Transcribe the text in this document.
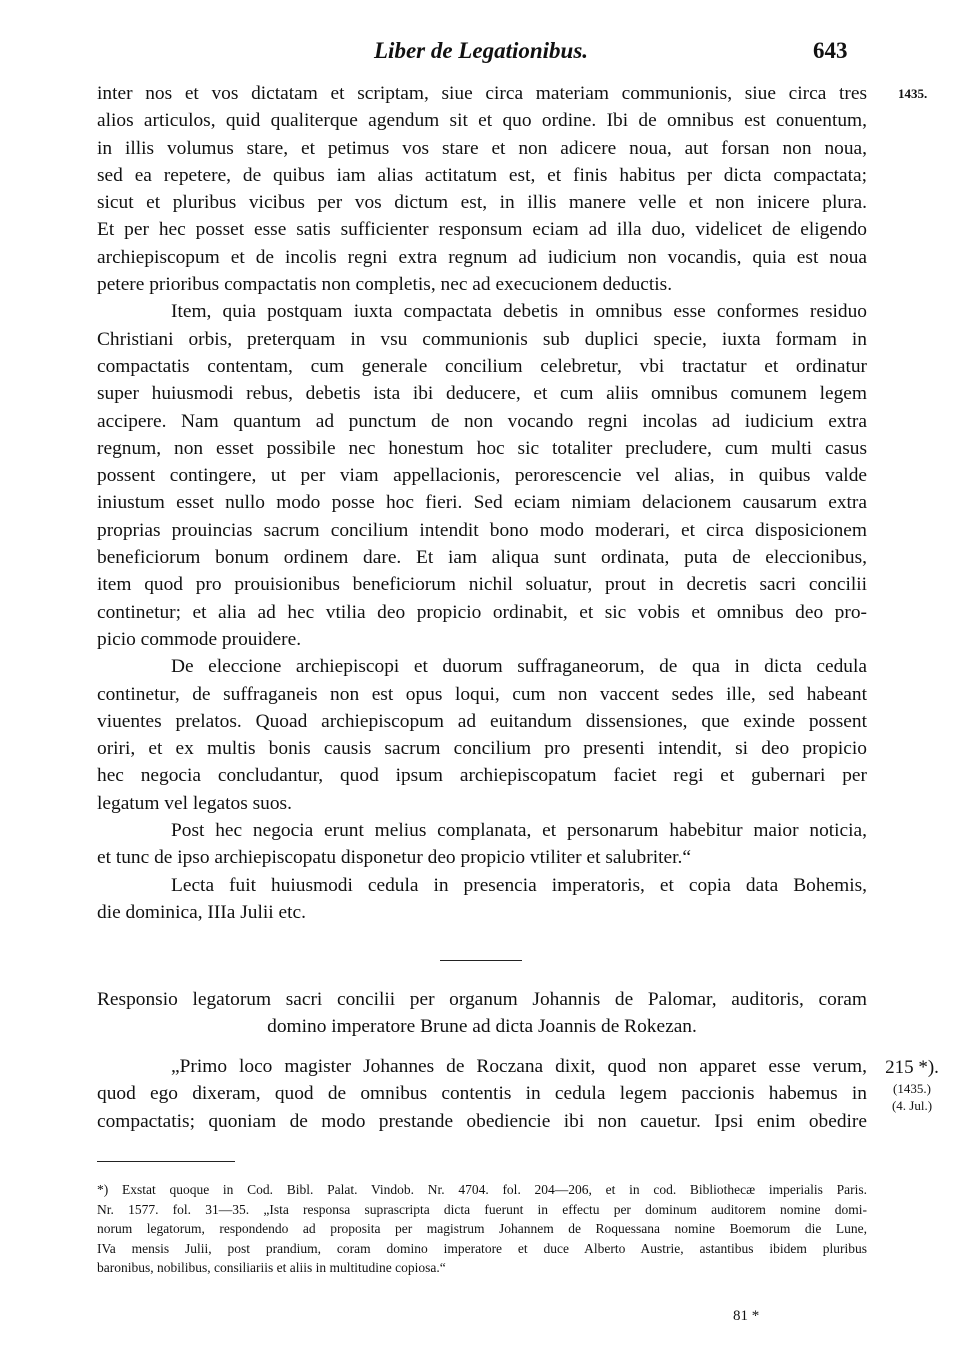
Liber de Legationibus.	643
1435.
inter nos et vos dictatam et scriptam, siue circa materiam communionis, siue circa tres
alios articulos, quid qualiterque agendum sit et quo ordine. Ibi de omnibus est conuentum,
in illis volumus stare, et petimus vos stare et non adicere noua, aut forsan non noua,
sed ea repetere, de quibus iam alias actitatum est, et finis habitus per dicta compactata;
sicut et pluribus vicibus per vos dictum est, in illis manere velle et non inicere plura.
Et per hec posset esse satis sufficienter responsum eciam ad illa duo, videlicet de eligendo
archiepiscopum et de incolis regni extra regnum ad iudicium non vocandis, quia est noua
petere prioribus compactatis non completis, nec ad execucionem deductis.
Item, quia postquam iuxta compactata debetis in omnibus esse conformes residuo
Christiani orbis, preterquam in vsu communionis sub duplici specie, iuxta formam in
compactatis contentam, cum generale concilium celebretur, vbi tractatur et ordinatur
super huiusmodi rebus, debetis ista ibi deducere, et cum aliis omnibus comunem legem
accipere. Nam quantum ad punctum de non vocando regni incolas ad iudicium extra
regnum, non esset possibile nec honestum hoc sic totaliter precludere, cum multi casus
possent contingere, ut per viam appellacionis, perorescencie vel alias, in quibus valde
iniustum esset nullo modo posse hoc fieri. Sed eciam nimiam delacionem causarum extra
proprias prouincias sacrum concilium intendit bono modo moderari, et circa disposicionem
beneficiorum bonum ordinem dare. Et iam aliqua sunt ordinata, puta de eleccionibus,
item quod pro prouisionibus beneficiorum nichil soluatur, prout in decretis sacri concilii
continetur; et alia ad hec vtilia deo propicio ordinabit, et sic vobis et omnibus deo pro-
picio commode prouidere.
De eleccione archiepiscopi et duorum suffraganeorum, de qua in dicta cedula
continetur, de suffraganeis non est opus loqui, cum non vaccent sedes ille, sed habeant
viuentes prelatos. Quoad archiepiscopum ad euitandum dissensiones, que exinde possent
oriri, et ex multis bonis causis sacrum concilium pro presenti intendit, si deo propicio
hec negocia concludantur, quod ipsum archiepiscopatum faciet regi et gubernari per
legatum vel legatos suos.
Post hec negocia erunt melius complanata, et personarum habebitur maior noticia,
et tunc de ipso archiepiscopatu disponetur deo propicio vtiliter et salubriter.“
Lecta fuit huiusmodi cedula in presencia imperatoris, et copia data Bohemis,
die dominica, IIIa Julii etc.
Responsio legatorum sacri concilii per organum Johannis de Palomar, auditoris, coram
domino imperatore Brune ad dicta Joannis de Rokezan.
215 *).
(1435.)
(4. Jul.)
„Primo loco magister Johannes de Roczana dixit, quod non apparet esse verum,
quod ego dixeram, quod de omnibus contentis in cedula legem paccionis habemus in
compactatis; quoniam de modo prestande obediencie ibi non cauetur. Ipsi enim obedire
*) Exstat quoque in Cod. Bibl. Palat. Vindob. Nr. 4704. fol. 204—206, et in cod. Bibliothecæ imperialis Paris.
Nr. 1577. fol. 31—35. „Ista responsa suprascripta dicta fuerunt in effectu per dominum auditorem nomine domi-
norum legatorum, respondendo ad proposita per magistrum Johannem de Roquessana nomine Boemorum die Lune,
IVa mensis Julii, post prandium, coram domino imperatore et duce Alberto Austrie, astantibus ibidem pluribus
baronibus, nobilibus, consiliariis et aliis in multitudine copiosa.“
81 *
